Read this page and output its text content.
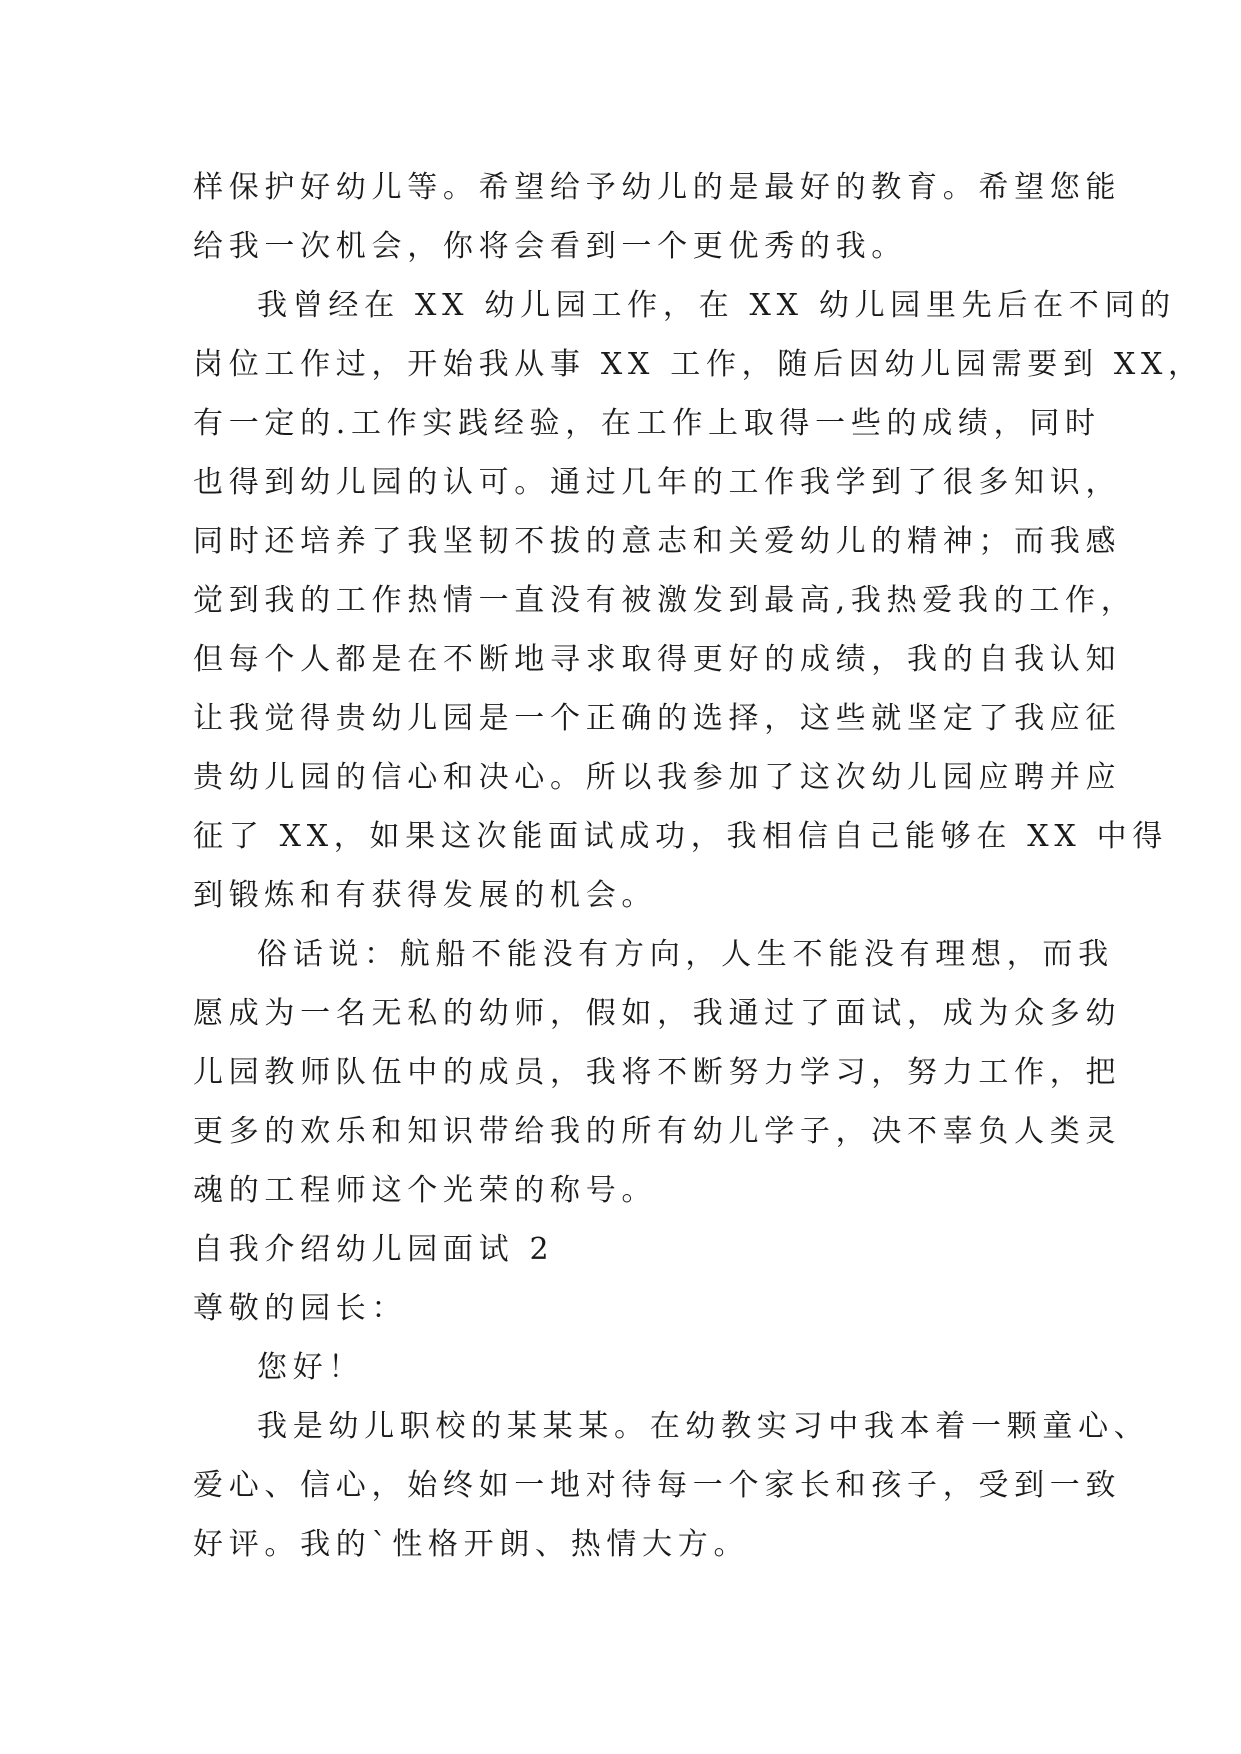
样保护好幼儿等。希望给予幼儿的是最好的教育。希望您能
给我一次机会，你将会看到一个更优秀的我。
我曾经在 XX 幼儿园工作，在 XX 幼儿园里先后在不同的
岗位工作过，开始我从事 XX 工作，随后因幼儿园需要到 XX，
有一定的.工作实践经验，在工作上取得一些的成绩，同时
也得到幼儿园的认可。通过几年的工作我学到了很多知识，
同时还培养了我坚韧不拔的意志和关爱幼儿的精神；而我感
觉到我的工作热情一直没有被激发到最高,我热爱我的工作，
但每个人都是在不断地寻求取得更好的成绩，我的自我认知
让我觉得贵幼儿园是一个正确的选择，这些就坚定了我应征
贵幼儿园的信心和决心。所以我参加了这次幼儿园应聘并应
征了 XX，如果这次能面试成功，我相信自己能够在 XX 中得
到锻炼和有获得发展的机会。
俗话说：航船不能没有方向，人生不能没有理想，而我
愿成为一名无私的幼师，假如，我通过了面试，成为众多幼
儿园教师队伍中的成员，我将不断努力学习，努力工作，把
更多的欢乐和知识带给我的所有幼儿学子，决不辜负人类灵
魂的工程师这个光荣的称号。
自我介绍幼儿园面试 2
尊敬的园长：
您好！
我是幼儿职校的某某某。在幼教实习中我本着一颗童心、
爱心、信心，始终如一地对待每一个家长和孩子，受到一致
好评。我的`性格开朗、热情大方。
